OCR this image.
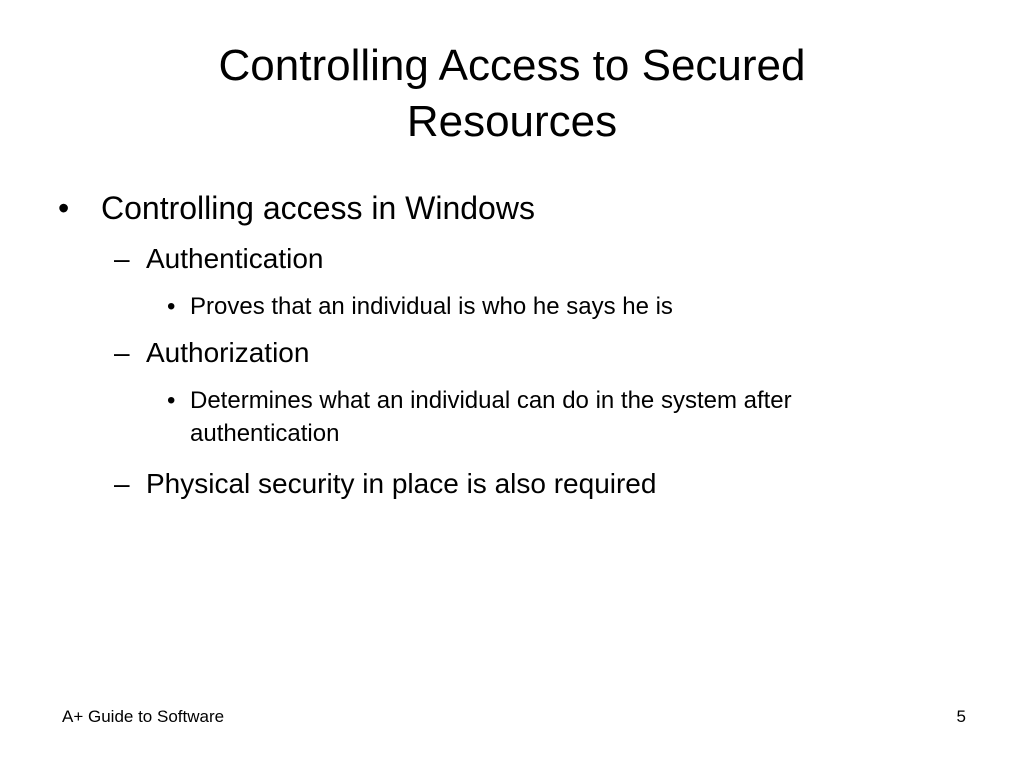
Controlling Access to Secured
Resources
• Controlling access in Windows
– Authentication
• Proves that an individual is who he says he is
– Authorization
• Determines what an individual can do in the system after authentication
– Physical security in place is also required
A+ Guide to Software	5
